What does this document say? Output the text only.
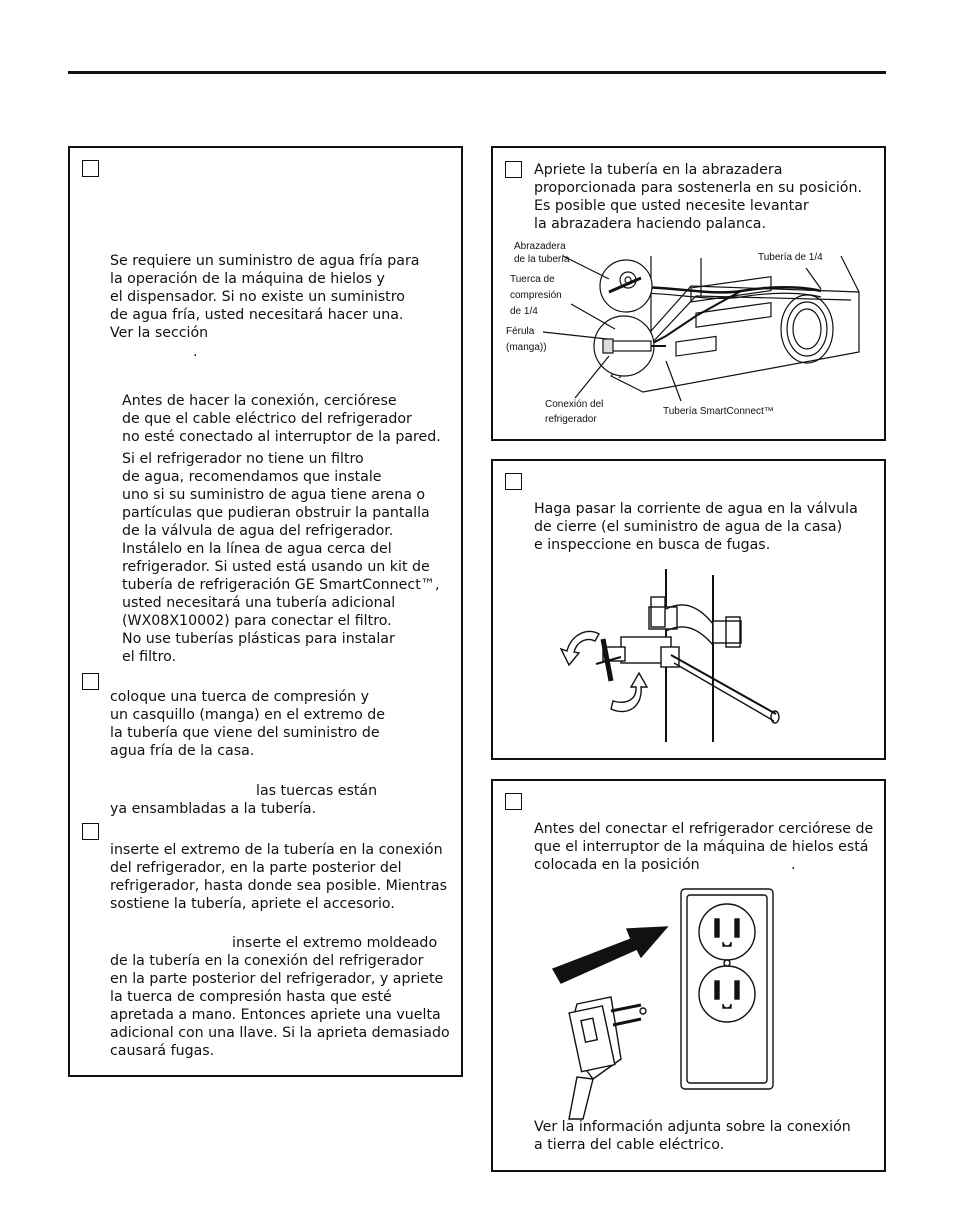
Se requiere un suministro de agua fría para
la operación de la máquina de hielos y
el dispensador. Si no existe un suministro
de agua fría, usted necesitará hacer una.
Ver la sección
.
Antes de hacer la conexión, cerciórese
de que el cable eléctrico del refrigerador
no esté conectado al interruptor de la pared.
Si el refrigerador no tiene un filtro
de agua, recomendamos que instale
uno si su suministro de agua tiene arena o
partículas que pudieran obstruir la pantalla
de la válvula de agua del refrigerador.
Instálelo en la línea de agua cerca del
refrigerador. Si usted está usando un kit de
tubería de refrigeración GE SmartConnect™,
usted necesitará una tubería adicional
(WX08X10002) para conectar el filtro.
No use tuberías plásticas para instalar
el filtro.
coloque una tuerca de compresión y
un casquillo (manga) en el extremo de
la tubería que viene del suministro de
agua fría de la casa.
las tuercas están
ya ensambladas a la tubería.
inserte el extremo de la tubería en la conexión
del refrigerador, en la parte posterior del
refrigerador, hasta donde sea posible. Mientras
sostiene la tubería, apriete el accesorio.
inserte el extremo moldeado
de la tubería en la conexión del refrigerador
en la parte posterior del refrigerador, y apriete
la tuerca de compresión hasta que esté
apretada a mano. Entonces apriete una vuelta
adicional con una llave. Si la aprieta demasiado
causará fugas.
Apriete la tubería en la abrazadera
proporcionada para sostenerla en su posición.
Es posible que usted necesite levantar
la abrazadera haciendo palanca.
Abrazadera
de la tubería
Tuerca de
compresión
de 1/4
Férula
(manga))
Conexión del
refrigerador
Tubería de 1/4
Tubería SmartConnect™
Haga pasar la corriente de agua en la válvula
de cierre (el suministro de agua de la casa)
e inspeccione en busca de fugas.
Antes del conectar el refrigerador cerciórese de
que el interruptor de la máquina de hielos está
colocada en la posición	.
Ver la información adjunta sobre la conexión
a tierra del cable eléctrico.
